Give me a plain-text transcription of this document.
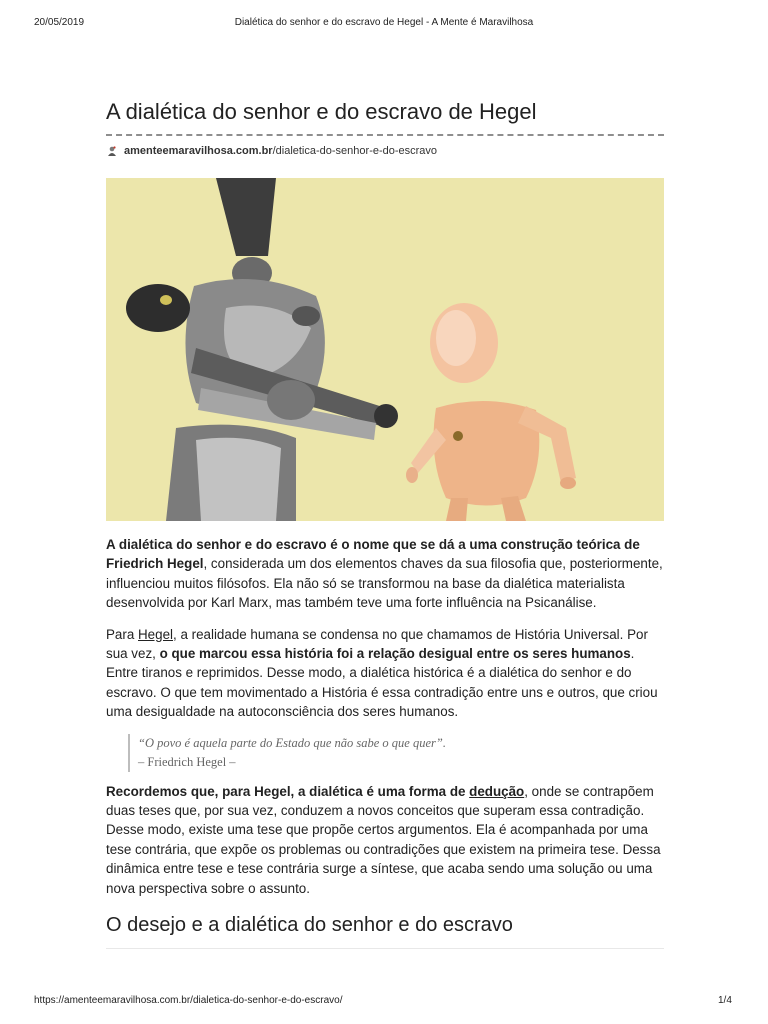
20/05/2019	Dialética do senhor e do escravo de Hegel - A Mente é Maravilhosa
A dialética do senhor e do escravo de Hegel
amenteemaravilhosa.com.br/dialetica-do-senhor-e-do-escravo

A dialética do senhor e do escravo é o nome que se dá a uma construção teórica de Friedrich Hegel, considerada um dos elementos chaves da sua filosofia que, posteriormente, influenciou muitos filósofos. Ela não só se transformou na base da dialética materialista desenvolvida por Karl Marx, mas também teve uma forte influência na Psicanálise.

Para Hegel, a realidade humana se condensa no que chamamos de História Universal. Por sua vez, o que marcou essa história foi a relação desigual entre os seres humanos. Entre tiranos e reprimidos. Desse modo, a dialética histórica é a dialética do senhor e do escravo. O que tem movimentado a História é essa contradição entre uns e outros, que criou uma desigualdade na autoconsciência dos seres humanos.

“O povo é aquela parte do Estado que não sabe o que quer”.
– Friedrich Hegel –

Recordemos que, para Hegel, a dialética é uma forma de dedução, onde se contrapõem duas teses que, por sua vez, conduzem a novos conceitos que superam essa contradição. Desse modo, existe uma tese que propõe certos argumentos. Ela é acompanhada por uma tese contrária, que expõe os problemas ou contradições que existem na primeira tese. Dessa dinâmica entre tese e tese contrária surge a síntese, que acaba sendo uma solução ou uma nova perspectiva sobre o assunto.

O desejo e a dialética do senhor e do escravo
https://amenteemaravilhosa.com.br/dialetica-do-senhor-e-do-escravo/	1/4
